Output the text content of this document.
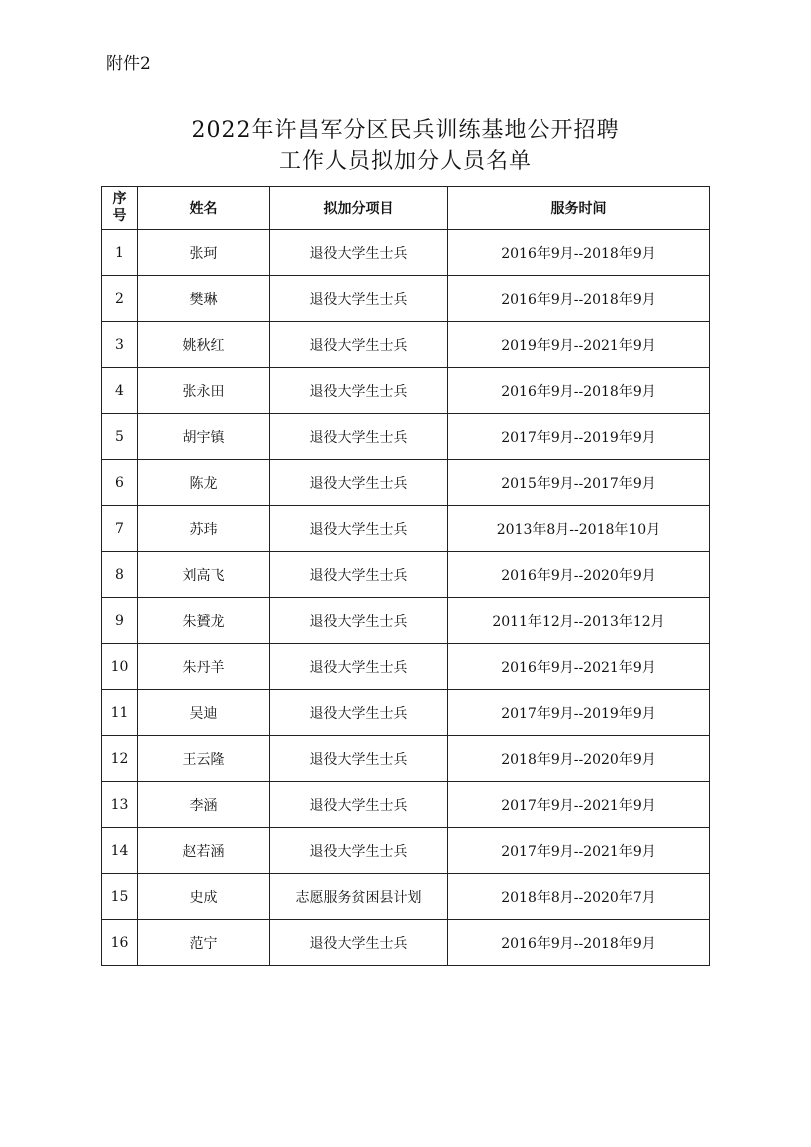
附件2
2022年许昌军分区民兵训练基地公开招聘
工作人员拟加分人员名单
序
号	姓名	拟加分项目	服务时间
1	张珂	退役大学生士兵	2016年9月--2018年9月
2	樊琳	退役大学生士兵	2016年9月--2018年9月
3	姚秋红	退役大学生士兵	2019年9月--2021年9月
4	张永田	退役大学生士兵	2016年9月--2018年9月
5	胡宇镇	退役大学生士兵	2017年9月--2019年9月
6	陈龙	退役大学生士兵	2015年9月--2017年9月
7	苏玮	退役大学生士兵	2013年8月--2018年10月
8	刘高飞	退役大学生士兵	2016年9月--2020年9月
9	朱贇龙	退役大学生士兵	2011年12月--2013年12月
10	朱丹羊	退役大学生士兵	2016年9月--2021年9月
11	吴迪	退役大学生士兵	2017年9月--2019年9月
12	王云隆	退役大学生士兵	2018年9月--2020年9月
13	李涵	退役大学生士兵	2017年9月--2021年9月
14	赵若涵	退役大学生士兵	2017年9月--2021年9月
15	史成	志愿服务贫困县计划	2018年8月--2020年7月
16	范宁	退役大学生士兵	2016年9月--2018年9月
